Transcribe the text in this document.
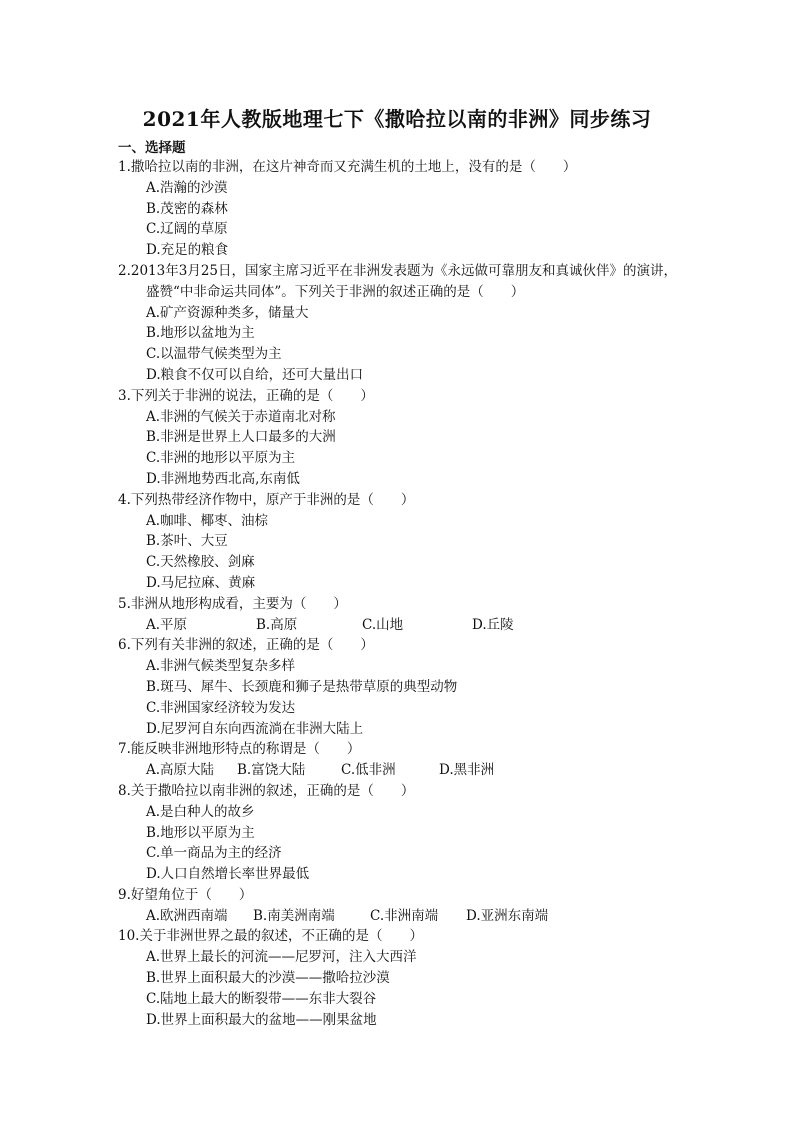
2021年人教版地理七下《撒哈拉以南的非洲》同步练习
一、选择题
1.撒哈拉以南的非洲，在这片神奇而又充满生机的土地上，没有的是（　　）
A.浩瀚的沙漠
B.茂密的森林
C.辽阔的草原
D.充足的粮食
2.2013年3月25日，国家主席习近平在非洲发表题为《永远做可靠朋友和真诚伙伴》的演讲，
盛赞“中非命运共同体”。下列关于非洲的叙述正确的是（　　）
A.矿产资源种类多，储量大
B.地形以盆地为主
C.以温带气候类型为主
D.粮食不仅可以自给，还可大量出口
3.下列关于非洲的说法，正确的是（　　）
A.非洲的气候关于赤道南北对称
B.非洲是世界上人口最多的大洲
C.非洲的地形以平原为主
D.非洲地势西北高,东南低
4.下列热带经济作物中，原产于非洲的是（　　）
A.咖啡、椰枣、油棕
B.茶叶、大豆
C.天然橡胶、剑麻
D.马尼拉麻、黄麻
5.非洲从地形构成看，主要为（　　）
A.平原	B.高原	C.山地	D.丘陵
6.下列有关非洲的叙述，正确的是（　　）
A.非洲气候类型复杂多样
B.斑马、犀牛、长颈鹿和狮子是热带草原的典型动物
C.非洲国家经济较为发达
D.尼罗河自东向西流淌在非洲大陆上
7.能反映非洲地形特点的称谓是（　　）
A.高原大陆	B.富饶大陆	C.低非洲	D.黑非洲
8.关于撒哈拉以南非洲的叙述，正确的是（　　）
A.是白种人的故乡
B.地形以平原为主
C.单一商品为主的经济
D.人口自然增长率世界最低
9.好望角位于（　　）
A.欧洲西南端	B.南美洲南端	C.非洲南端	D.亚洲东南端
10.关于非洲世界之最的叙述，不正确的是（　　）
A.世界上最长的河流——尼罗河，注入大西洋
B.世界上面积最大的沙漠——撒哈拉沙漠
C.陆地上最大的断裂带——东非大裂谷
D.世界上面积最大的盆地——刚果盆地
